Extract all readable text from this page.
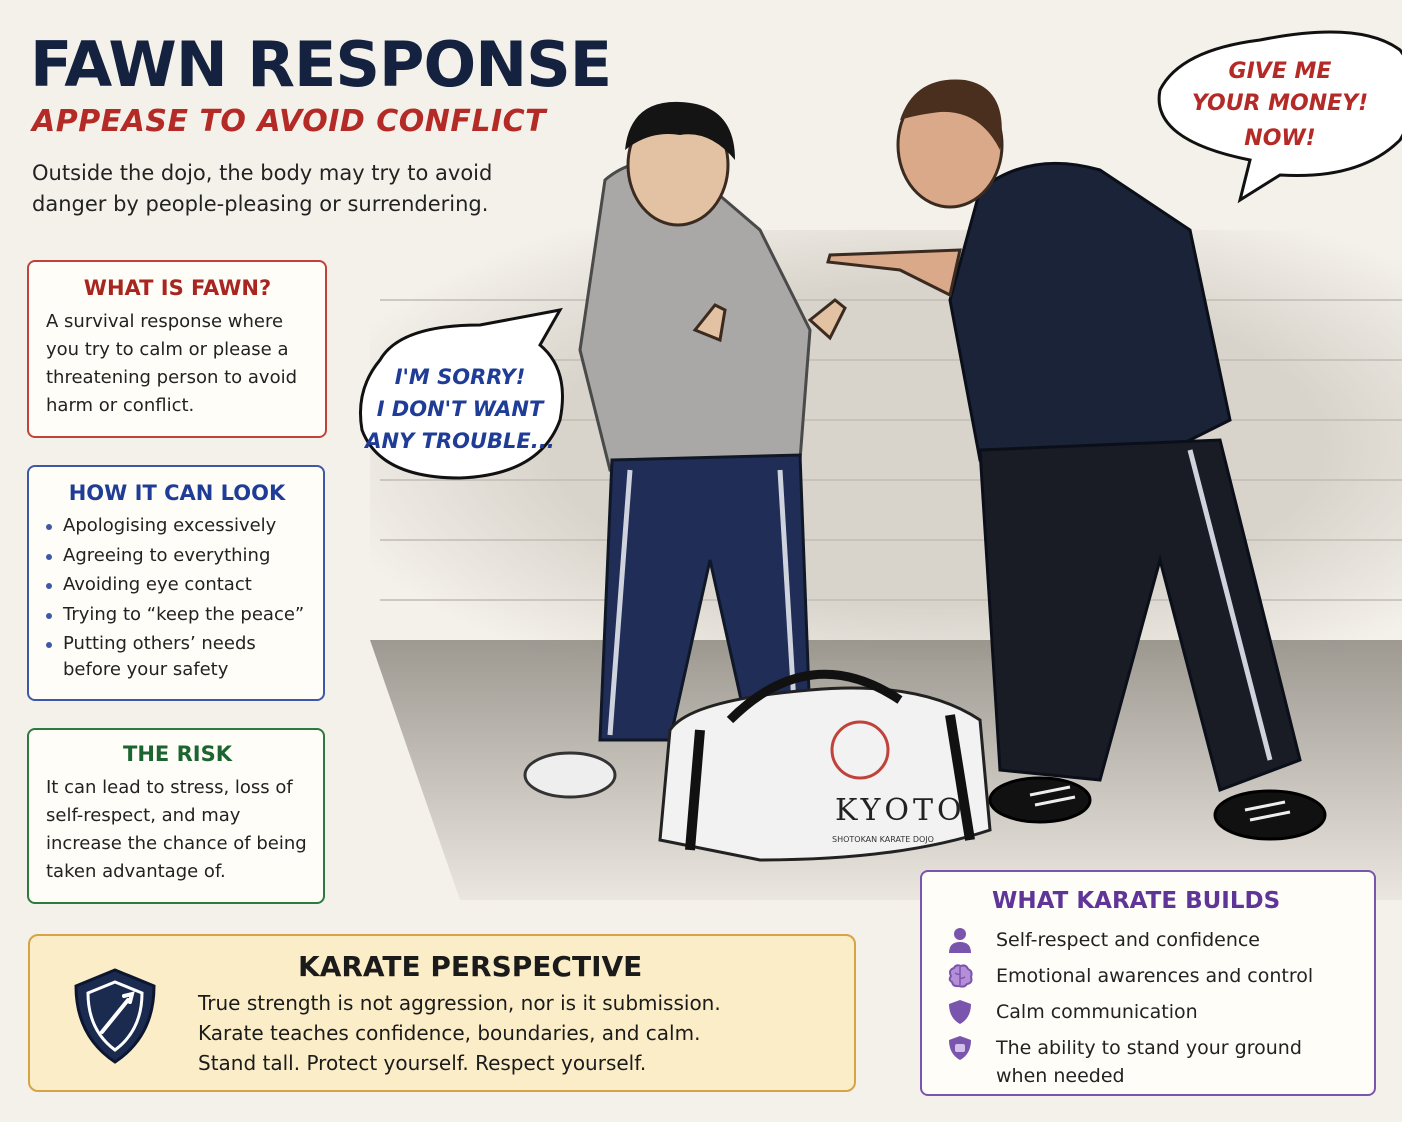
FAWN RESPONSE
APPEASE TO AVOID CONFLICT
Outside the dojo, the body may try to avoid danger by people-pleasing or surrendering.
KYOTO
SHOTOKAN KARATE DOJO
GIVE ME
YOUR MONEY!
NOW!
I'M SORRY!
I DON'T WANT
ANY TROUBLE...
WHAT IS FAWN?

A survival response where you try to calm or please a threatening person to avoid harm or conflict.

HOW IT CAN LOOK
Apologising excessively
Agreeing to everything
Avoiding eye contact
Trying to “keep the peace”
Putting others’ needs before your safety
THE RISK

It can lead to stress, loss of self-respect, and may increase the chance of being taken advantage of.

KARATE PERSPECTIVE
True strength is not aggression, nor is it submission.
Karate teaches confidence, boundaries, and calm.
Stand tall. Protect yourself. Respect yourself.
WHAT KARATE BUILDS
Self-respect and confidence
Emotional awarences and control
Calm communication
The ability to stand your ground when needed
